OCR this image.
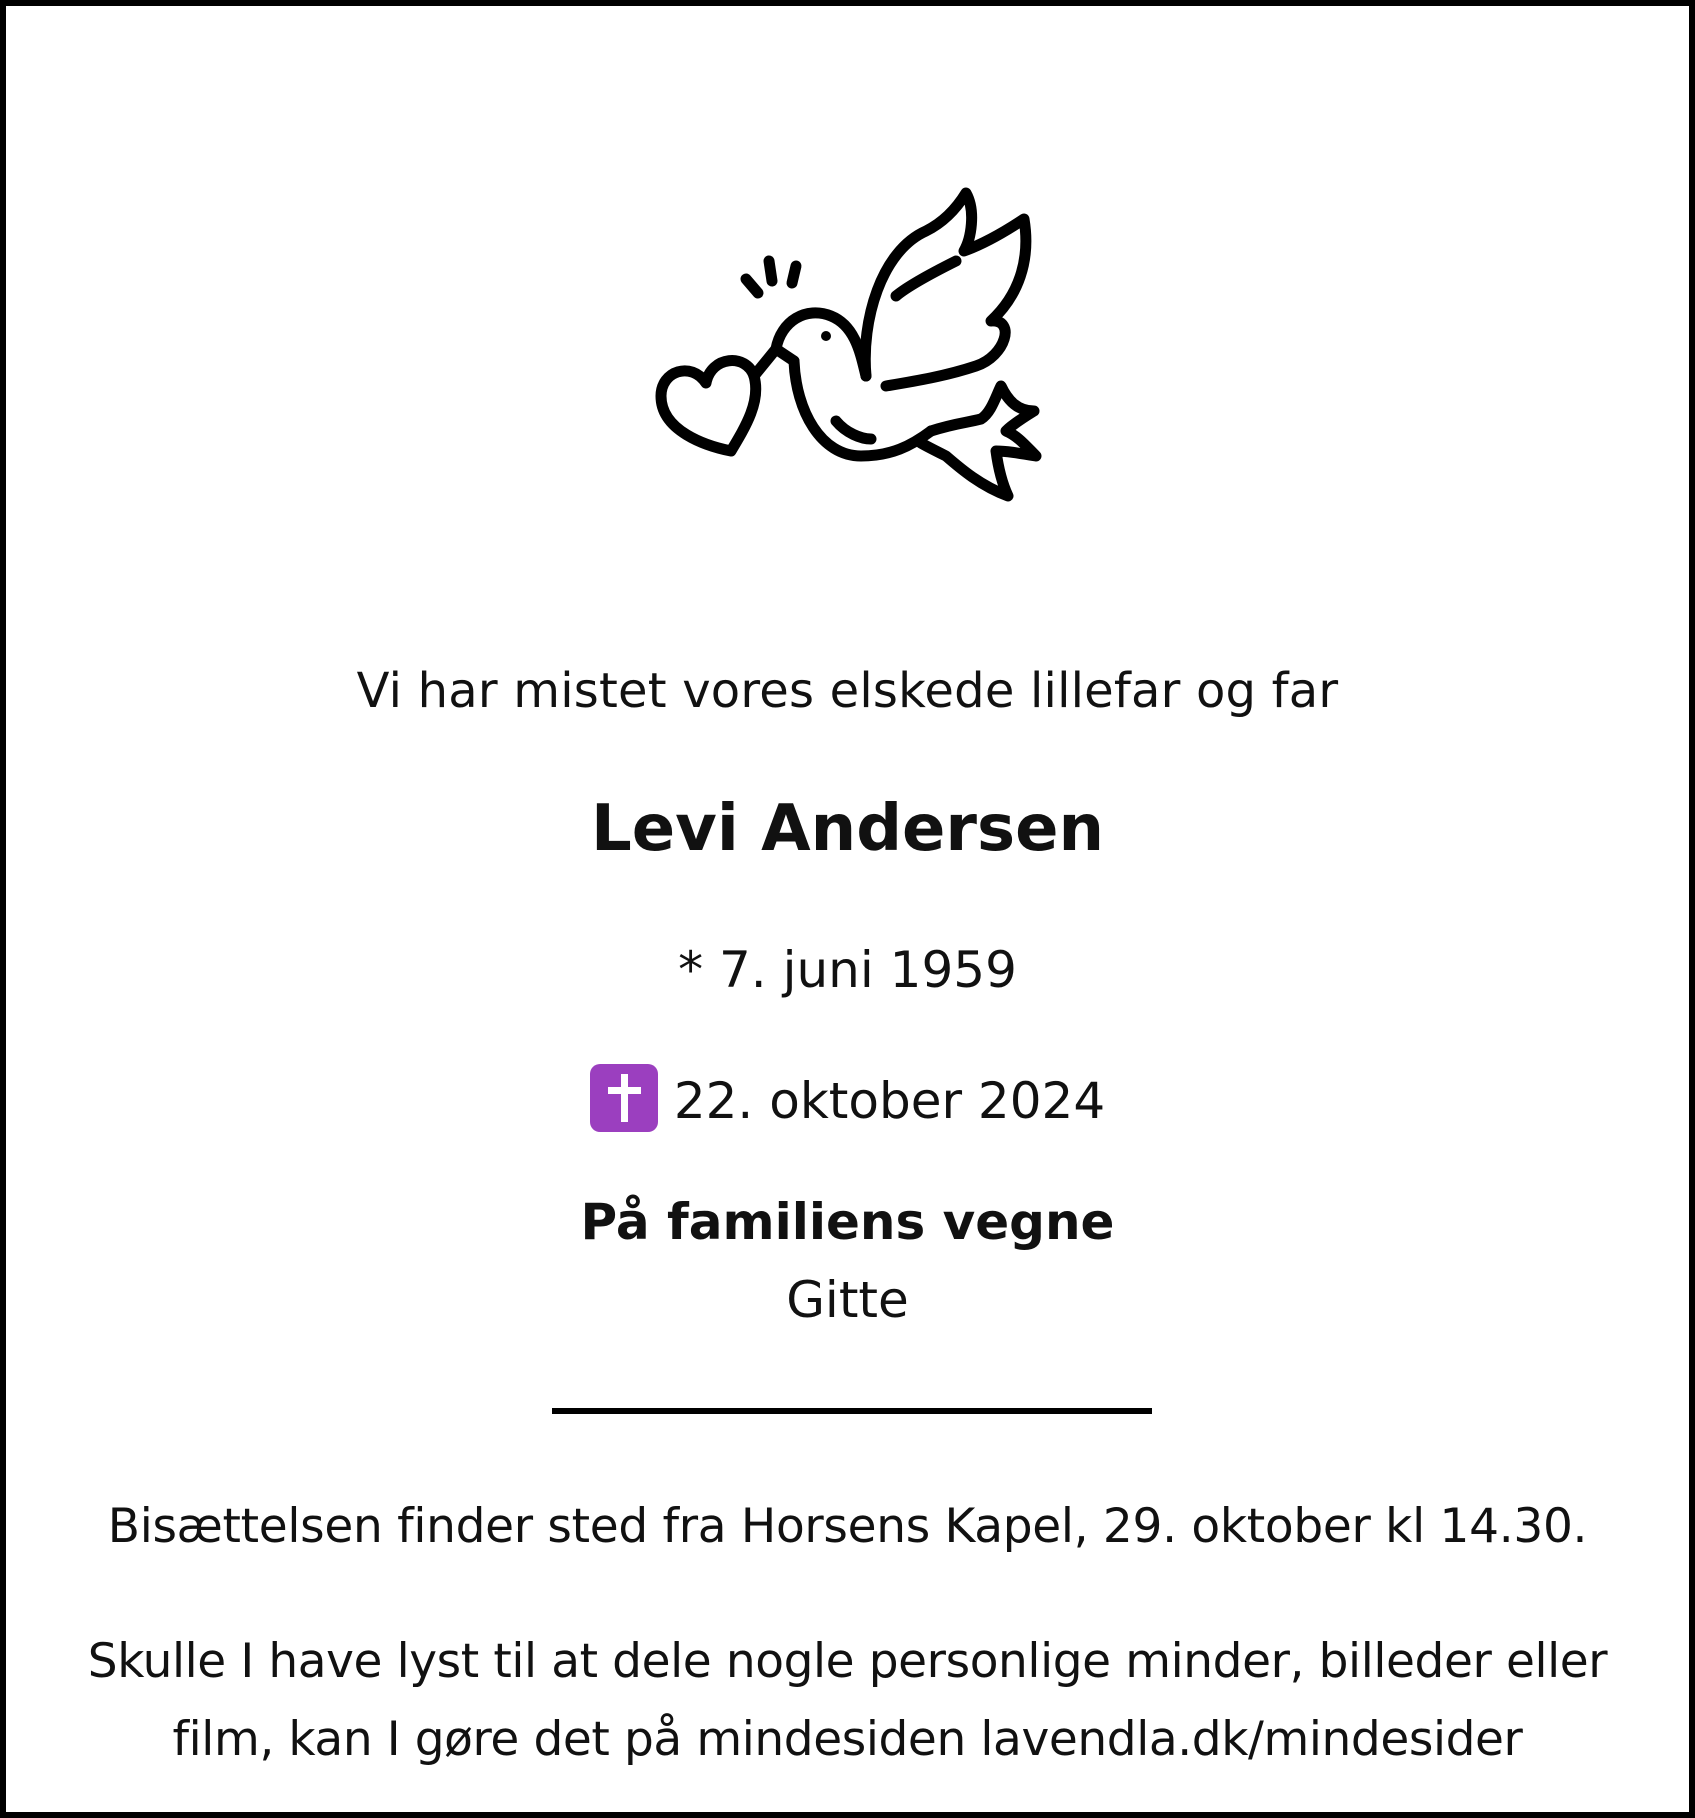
Vi har mistet vores elskede lillefar og far
Levi Andersen
* 7. juni 1959
22. oktober 2024
På familiens vegne
Gitte
Bisættelsen finder sted fra Horsens Kapel, 29. oktober kl 14.30.
Skulle I have lyst til at dele nogle personlige minder, billeder eller
film, kan I gøre det på mindesiden lavendla.dk/mindesider
